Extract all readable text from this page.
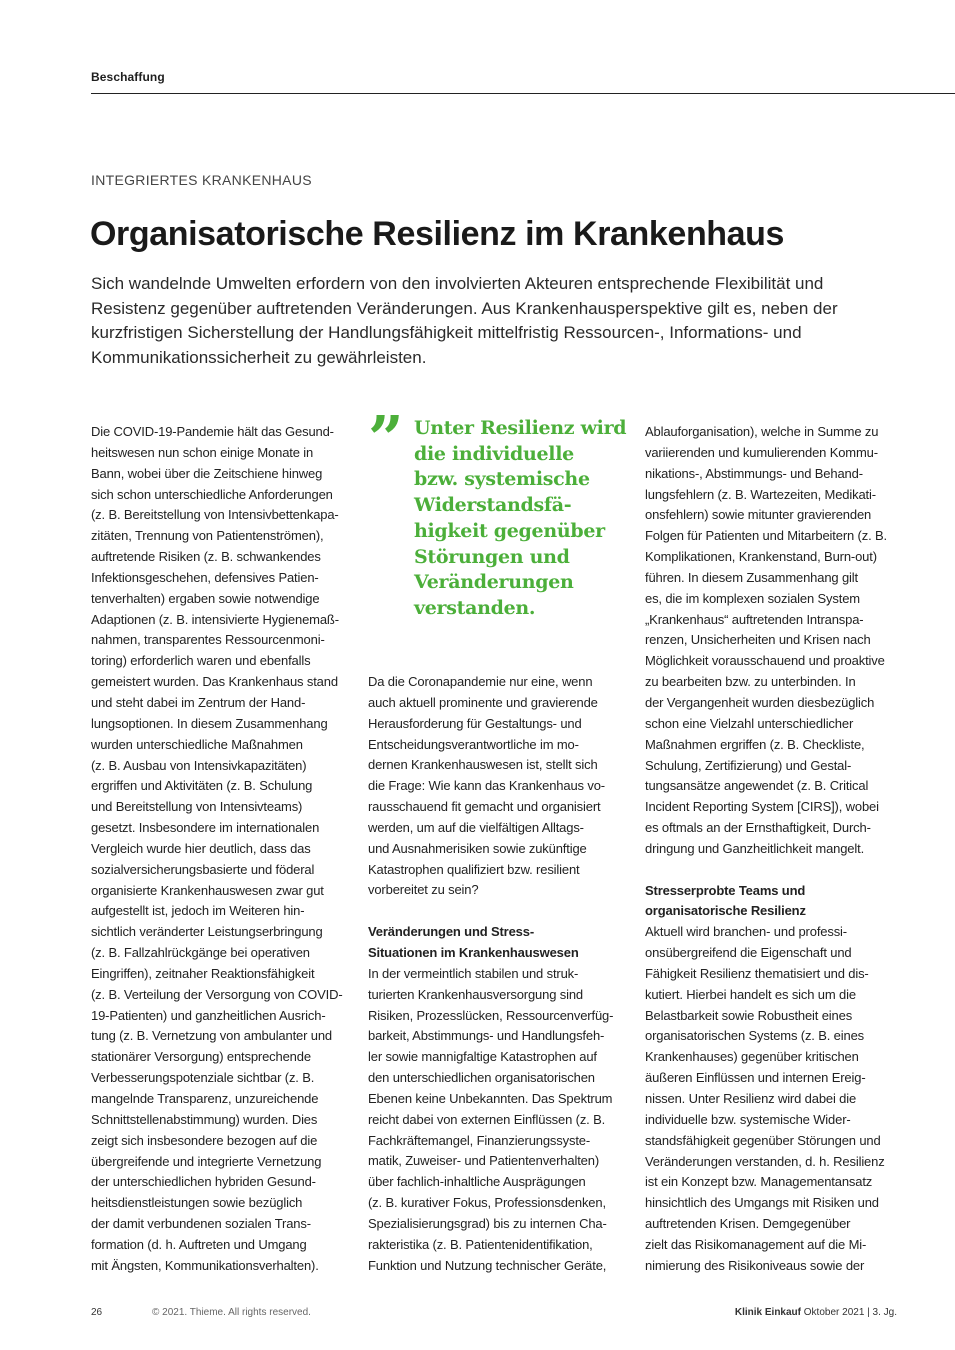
Beschaffung
INTEGRIERTES KRANKENHAUS
Organisatorische Resilienz im Krankenhaus
Sich wandelnde Umwelten erfordern von den involvierten Akteuren entsprechende Flexibilität und
Resistenz gegenüber auftretenden Veränderungen. Aus Krankenhausperspektive gilt es, neben der
kurzfristigen Sicherstellung der Handlungsfähigkeit mittelfristig Ressourcen-, Informations- und
Kommunikationssicherheit zu gewährleisten.
Die COVID-19-Pandemie hält das Gesund-
heitswesen nun schon einige Monate in
Bann, wobei über die Zeitschiene hinweg
sich schon unterschiedliche Anforderungen
(z. B. Bereitstellung von Intensivbettenkapa-
zitäten, Trennung von Patientenströmen),
auftretende Risiken (z. B. schwankendes
Infektionsgeschehen, defensives Patien-
tenverhalten) ergaben sowie notwendige
Adaptionen (z. B. intensivierte Hygienemaß-
nahmen, transparentes Ressourcenmoni-
toring) erforderlich waren und ebenfalls
gemeistert wurden. Das Krankenhaus stand
und steht dabei im Zentrum der Hand-
lungsoptionen. In diesem Zusammenhang
wurden unterschiedliche Maßnahmen
(z. B. Ausbau von Intensivkapazitäten)
ergriffen und Aktivitäten (z. B. Schulung
und Bereitstellung von Intensivteams)
gesetzt. Insbesondere im internationalen
Vergleich wurde hier deutlich, dass das
sozialversicherungsbasierte und föderal
organisierte Krankenhauswesen zwar gut
aufgestellt ist, jedoch im Weiteren hin-
sichtlich veränderter Leistungserbringung
(z. B. Fallzahlrückgänge bei operativen
Eingriffen), zeitnaher Reaktionsfähigkeit
(z. B. Verteilung der Versorgung von COVID-
19-Patienten) und ganzheitlichen Ausrich-
tung (z. B. Vernetzung von ambulanter und
stationärer Versorgung) entsprechende
Verbesserungspotenziale sichtbar (z. B.
mangelnde Transparenz, unzureichende
Schnittstellenabstimmung) wurden. Dies
zeigt sich insbesondere bezogen auf die
übergreifende und integrierte Vernetzung
der unterschiedlichen hybriden Gesund-
heitsdienstleistungen sowie bezüglich
der damit verbundenen sozialen Trans-
formation (d. h. Auftreten und Umgang
mit Ängsten, Kommunikationsverhalten).
” Unter Resilienz wird
die individuelle
bzw. systemische
Widerstandsfä-
higkeit gegenüber
Störungen und
Veränderungen
verstanden.
Da die Coronapandemie nur eine, wenn
auch aktuell prominente und gravierende
Herausforderung für Gestaltungs- und
Entscheidungsverantwortliche im mo-
dernen Krankenhauswesen ist, stellt sich
die Frage: Wie kann das Krankenhaus vo-
rausschauend fit gemacht und organisiert
werden, um auf die vielfältigen Alltags-
und Ausnahmerisiken sowie zukünftige
Katastrophen qualifiziert bzw. resilient
vorbereitet zu sein?
Veränderungen und Stress-
Situationen im Krankenhauswesen
In der vermeintlich stabilen und struk-
turierten Krankenhausversorgung sind
Risiken, Prozesslücken, Ressourcenverfüg-
barkeit, Abstimmungs- und Handlungsfeh-
ler sowie mannigfaltige Katastrophen auf
den unterschiedlichen organisatorischen
Ebenen keine Unbekannten. Das Spektrum
reicht dabei von externen Einflüssen (z. B.
Fachkräftemangel, Finanzierungssyste-
matik, Zuweiser- und Patientenverhalten)
über fachlich-inhaltliche Ausprägungen
(z. B. kurativer Fokus, Professionsdenken,
Spezialisierungsgrad) bis zu internen Cha-
rakteristika (z. B. Patientenidentifikation,
Funktion und Nutzung technischer Geräte,
Ablauforganisation), welche in Summe zu
variierenden und kumulierenden Kommu-
nikations-, Abstimmungs- und Behand-
lungsfehlern (z. B. Wartezeiten, Medikati-
onsfehlern) sowie mitunter gravierenden
Folgen für Patienten und Mitarbeitern (z. B.
Komplikationen, Krankenstand, Burn-out)
führen. In diesem Zusammenhang gilt
es, die im komplexen sozialen System
„Krankenhaus“ auftretenden Intranspa-
renzen, Unsicherheiten und Krisen nach
Möglichkeit vorausschauend und proaktive
zu bearbeiten bzw. zu unterbinden. In
der Vergangenheit wurden diesbezüglich
schon eine Vielzahl unterschiedlicher
Maßnahmen ergriffen (z. B. Checkliste,
Schulung, Zertifizierung) und Gestal-
tungsansätze angewendet (z. B. Critical
Incident Reporting System [CIRS]), wobei
es oftmals an der Ernsthaftigkeit, Durch-
dringung und Ganzheitlichkeit mangelt.
Stresserprobte Teams und
organisatorische Resilienz
Aktuell wird branchen- und professi-
onsübergreifend die Eigenschaft und
Fähigkeit Resilienz thematisiert und dis-
kutiert. Hierbei handelt es sich um die
Belastbarkeit sowie Robustheit eines
organisatorischen Systems (z. B. eines
Krankenhauses) gegenüber kritischen
äußeren Einflüssen und internen Ereig-
nissen. Unter Resilienz wird dabei die
individuelle bzw. systemische Wider-
standsfähigkeit gegenüber Störungen und
Veränderungen verstanden, d. h. Resilienz
ist ein Konzept bzw. Managementansatz
hinsichtlich des Umgangs mit Risiken und
auftretenden Krisen. Demgegenüber
zielt das Risikomanagement auf die Mi-
nimierung des Risikoniveaus sowie der
26	© 2021. Thieme. All rights reserved.	Klinik Einkauf Oktober 2021 | 3. Jg.
